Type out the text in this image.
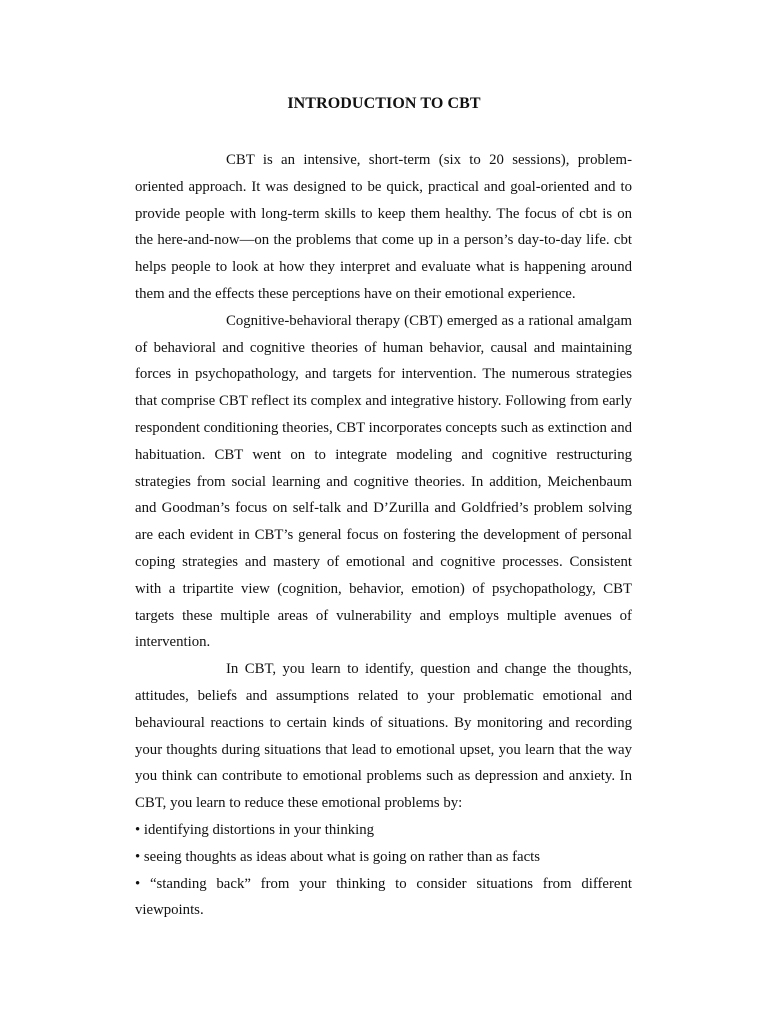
INTRODUCTION TO CBT

CBT is an intensive, short-term (six to 20 sessions), problem-oriented approach. It was designed to be quick, practical and goal-oriented and to provide people with long-term skills to keep them healthy. The focus of cbt is on the here-and-now—on the problems that come up in a person’s day-to-day life. cbt helps people to look at how they interpret and evaluate what is happening around them and the effects these perceptions have on their emotional experience.

Cognitive-behavioral therapy (CBT) emerged as a rational amalgam of behavioral and cognitive theories of human behavior, causal and maintaining forces in psychopathology, and targets for intervention. The numerous strategies that comprise CBT reflect its complex and integrative history. Following from early respondent conditioning theories, CBT incorporates concepts such as extinction and habituation. CBT went on to integrate modeling and cognitive restructuring strategies from social learning and cognitive theories. In addition, Meichenbaum and Goodman’s focus on self-talk and D’Zurilla and Goldfried’s problem solving are each evident in CBT’s general focus on fostering the development of personal coping strategies and mastery of emotional and cognitive processes. Consistent with a tripartite view (cognition, behavior, emotion) of psychopathology, CBT targets these multiple areas of vulnerability and employs multiple avenues of intervention.

In CBT, you learn to identify, question and change the thoughts, attitudes, beliefs and assumptions related to your problematic emotional and behavioural reactions to certain kinds of situations. By monitoring and recording your thoughts during situations that lead to emotional upset, you learn that the way you think can contribute to emotional problems such as depression and anxiety. In CBT, you learn to reduce these emotional problems by:

• identifying distortions in your thinking

• seeing thoughts as ideas about what is going on rather than as facts

• “standing back” from your thinking to consider situations from different viewpoints.
